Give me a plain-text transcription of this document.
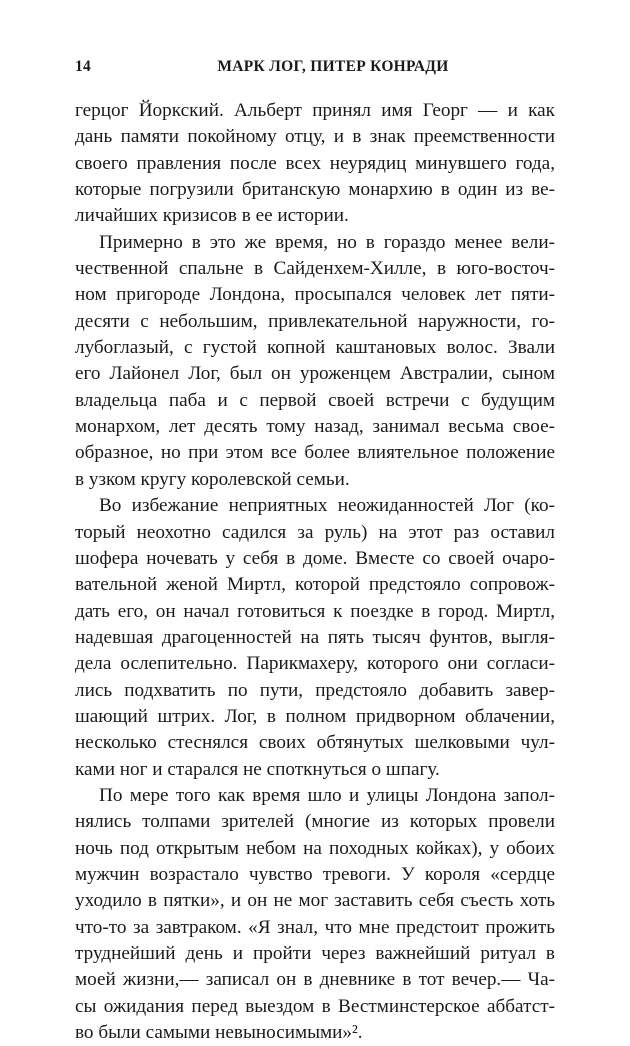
14	МАРК ЛОГ, ПИТЕР КОНРАДИ
герцог Йоркский. Альберт принял имя Георг — и как
дань памяти покойному отцу, и в знак преемственности
своего правления после всех неурядиц минувшего года,
которые погрузили британскую монархию в один из ве-
личайших кризисов в ее истории.
Примерно в это же время, но в гораздо менее вели-
чественной спальне в Сайденхем-Хилле, в юго-восточ-
ном пригороде Лондона, просыпался человек лет пяти-
десяти с небольшим, привлекательной наружности, го-
лубоглазый, с густой копной каштановых волос. Звали
его Лайонел Лог, был он уроженцем Австралии, сыном
владельца паба и с первой своей встречи с будущим
монархом, лет десять тому назад, занимал весьма свое-
образное, но при этом все более влиятельное положение
в узком кругу королевской семьи.
Во избежание неприятных неожиданностей Лог (ко-
торый неохотно садился за руль) на этот раз оставил
шофера ночевать у себя в доме. Вместе со своей очаро-
вательной женой Миртл, которой предстояло сопровож-
дать его, он начал готовиться к поездке в город. Миртл,
надевшая драгоценностей на пять тысяч фунтов, выгля-
дела ослепительно. Парикмахеру, которого они согласи-
лись подхватить по пути, предстояло добавить завер-
шающий штрих. Лог, в полном придворном облачении,
несколько стеснялся своих обтянутых шелковыми чул-
ками ног и старался не споткнуться о шпагу.
По мере того как время шло и улицы Лондона запол-
нялись толпами зрителей (многие из которых провели
ночь под открытым небом на походных койках), у обоих
мужчин возрастало чувство тревоги. У короля «сердце
уходило в пятки», и он не мог заставить себя съесть хоть
что-то за завтраком. «Я знал, что мне предстоит прожить
труднейший день и пройти через важнейший ритуал в
моей жизни,— записал он в дневнике в тот вечер.— Ча-
сы ожидания перед выездом в Вестминстерское аббатст-
во были самыми невыносимыми»².
